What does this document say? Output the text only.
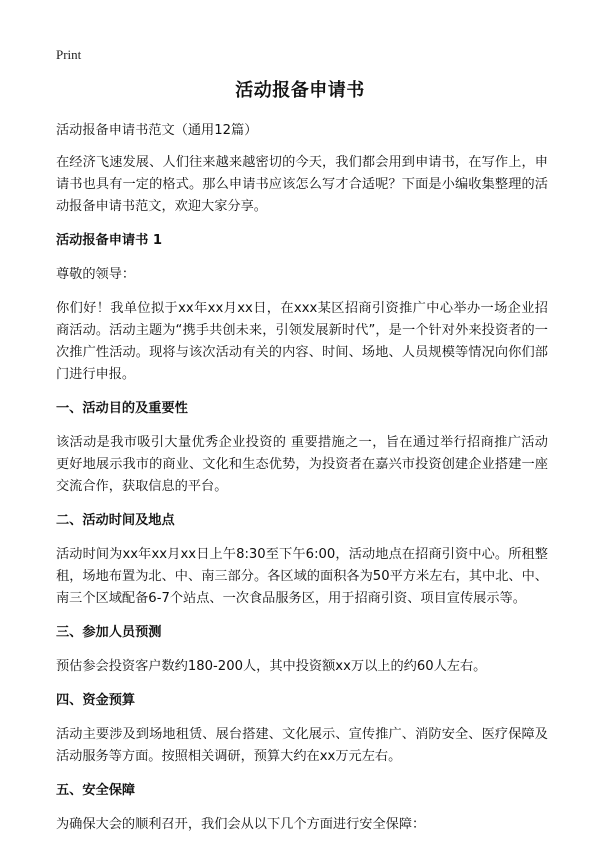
Print
活动报备申请书

活动报备申请书范文（通用12篇）

在经济飞速发展、人们往来越来越密切的今天，我们都会用到申请书，在写作上，申请书也具有一定的格式。那么申请书应该怎么写才合适呢？下面是小编收集整理的活动报备申请书范文，欢迎大家分享。

活动报备申请书 1

尊敬的领导：

你们好！我单位拟于xx年xx月xx日，在xxx某区招商引资推广中心举办一场企业招商活动。活动主题为“携手共创未来，引领发展新时代”，是一个针对外来投资者的一次推广性活动。现将与该次活动有关的内容、时间、场地、人员规模等情况向你们部门进行申报。

一、活动目的及重要性

该活动是我市吸引大量优秀企业投资的 重要措施之一，旨在通过举行招商推广活动更好地展示我市的商业、文化和生态优势，为投资者在嘉兴市投资创建企业搭建一座交流合作，获取信息的平台。

二、活动时间及地点

活动时间为xx年xx月xx日上午8:30至下午6:00，活动地点在招商引资中心。所租整租，场地布置为北、中、南三部分。各区域的面积各为50平方米左右，其中北、中、南三个区域配备6-7个站点、一次食品服务区，用于招商引资、项目宣传展示等。

三、参加人员预测

预估参会投资客户数约180-200人，其中投资额xx万以上的约60人左右。

四、资金预算

活动主要涉及到场地租赁、展台搭建、文化展示、宣传推广、消防安全、医疗保障及活动服务等方面。按照相关调研，预算大约在xx万元左右。

五、安全保障

为确保大会的顺利召开，我们会从以下几个方面进行安全保障：
